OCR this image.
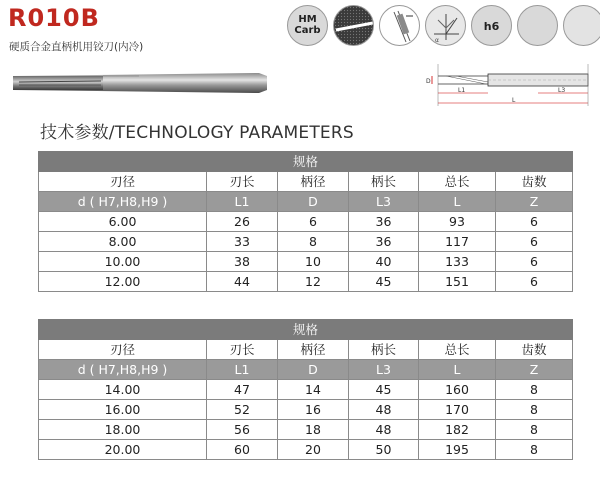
R010B
硬质合金直柄机用铰刀(内冷)
HM
Carb
α
h6
D
L1	L3
L
技术参数/TECHNOLOGY PARAMETERS
规格					
刃径	刃长	柄径	柄长	总长	齿数
d ( H7,H8,H9 )	L1	D	L3	L	Z
6.00	26	6	36	93	6
8.00	33	8	36	117	6
10.00	38	10	40	133	6
12.00	44	12	45	151	6
规格					
刃径	刃长	柄径	柄长	总长	齿数
d ( H7,H8,H9 )	L1	D	L3	L	Z
14.00	47	14	45	160	8
16.00	52	16	48	170	8
18.00	56	18	48	182	8
20.00	60	20	50	195	8
